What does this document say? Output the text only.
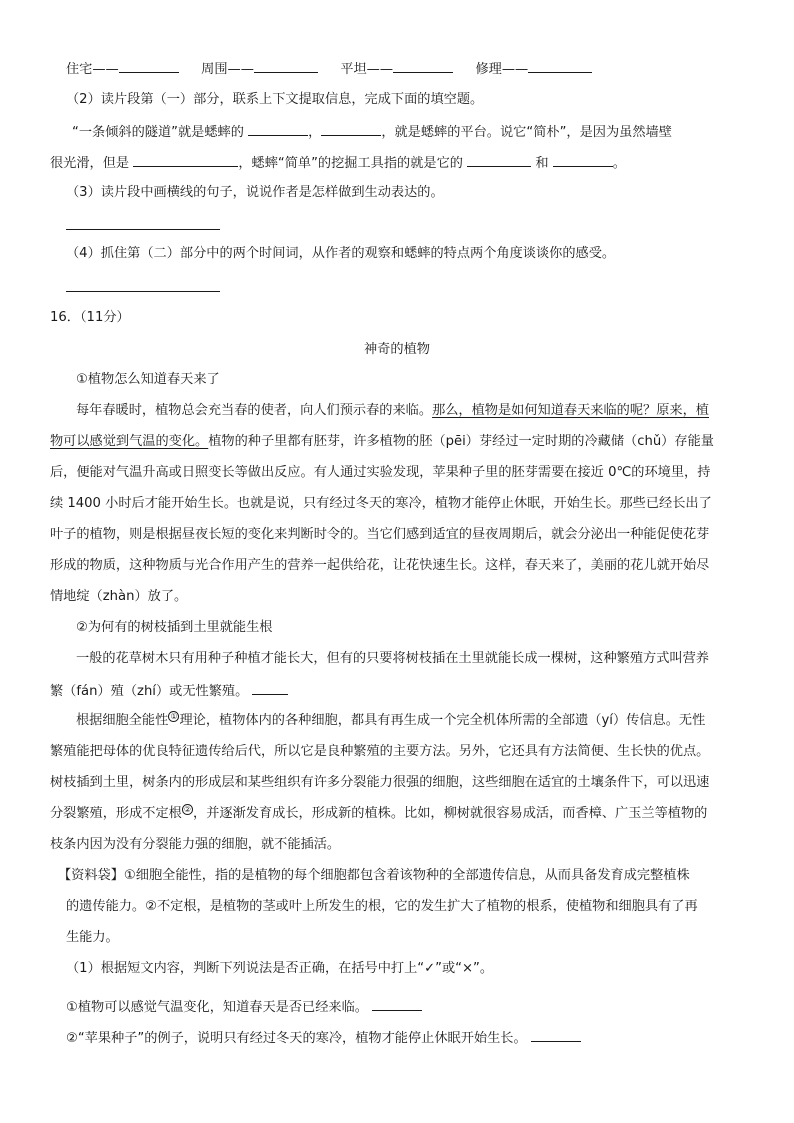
住宅——	周围——	平坦——	修理——
（2）读片段第（一）部分，联系上下文提取信息，完成下面的填空题。
“一条倾斜的隧道”就是蟋蟀的	，	，就是蟋蟀的平台。说它“简朴”，是因为虽然墙壁
很光滑，但是	，蟋蟀“简单”的挖掘工具指的就是它的	和	。
（3）读片段中画横线的句子，说说作者是怎样做到生动表达的。
（4）抓住第（二）部分中的两个时间词，从作者的观察和蟋蟀的特点两个角度谈谈你的感受。
16．（11分）
神奇的植物
①植物怎么知道春天来了
每年春暖时，植物总会充当春的使者，向人们预示春的来临。那么，植物是如何知道春天来临的呢？原来，植
物可以感觉到气温的变化。植物的种子里都有胚芽，许多植物的胚（pēi）芽经过一定时期的冷藏储（chǔ）存能量
后，便能对气温升高或日照变长等做出反应。有人通过实验发现，苹果种子里的胚芽需要在接近 0℃的环境里，持
续 1400 小时后才能开始生长。也就是说，只有经过冬天的寒冷，植物才能停止休眠，开始生长。那些已经长出了
叶子的植物，则是根据昼夜长短的变化来判断时令的。当它们感到适宜的昼夜周期后，就会分泌出一种能促使花芽
形成的物质，这种物质与光合作用产生的营养一起供给花，让花快速生长。这样，春天来了，美丽的花儿就开始尽
情地绽（zhàn）放了。
②为何有的树枝插到土里就能生根
一般的花草树木只有用种子种植才能长大，但有的只要将树枝插在土里就能长成一棵树，这种繁殖方式叫营养
繁（fán）殖（zhí）或无性繁殖。
根据细胞全能性 ① 理论，植物体内的各种细胞，都具有再生成一个完全机体所需的全部遗（yí）传信息。无性
繁殖能把母体的优良特征遗传给后代，所以它是良种繁殖的主要方法。另外，它还具有方法简便、生长快的优点。
树枝插到土里，树条内的形成层和某些组织有许多分裂能力很强的细胞，这些细胞在适宜的土壤条件下，可以迅速
分裂繁殖，形成不定根 ② ，并逐渐发育成长，形成新的植株。比如，柳树就很容易成活，而香樟、广玉兰等植物的
枝条内因为没有分裂能力强的细胞，就不能插活。
【资料袋】①细胞全能性，指的是植物的每个细胞都包含着该物种的全部遗传信息，从而具备发育成完整植株
的遗传能力。②不定根，是植物的茎或叶上所发生的根，它的发生扩大了植物的根系，使植物和细胞具有了再
生能力。
（1）根据短文内容，判断下列说法是否正确，在括号中打上“✓”或“×”。
①植物可以感觉气温变化，知道春天是否已经来临。
②“苹果种子”的例子，说明只有经过冬天的寒冷，植物才能停止休眠开始生长。
